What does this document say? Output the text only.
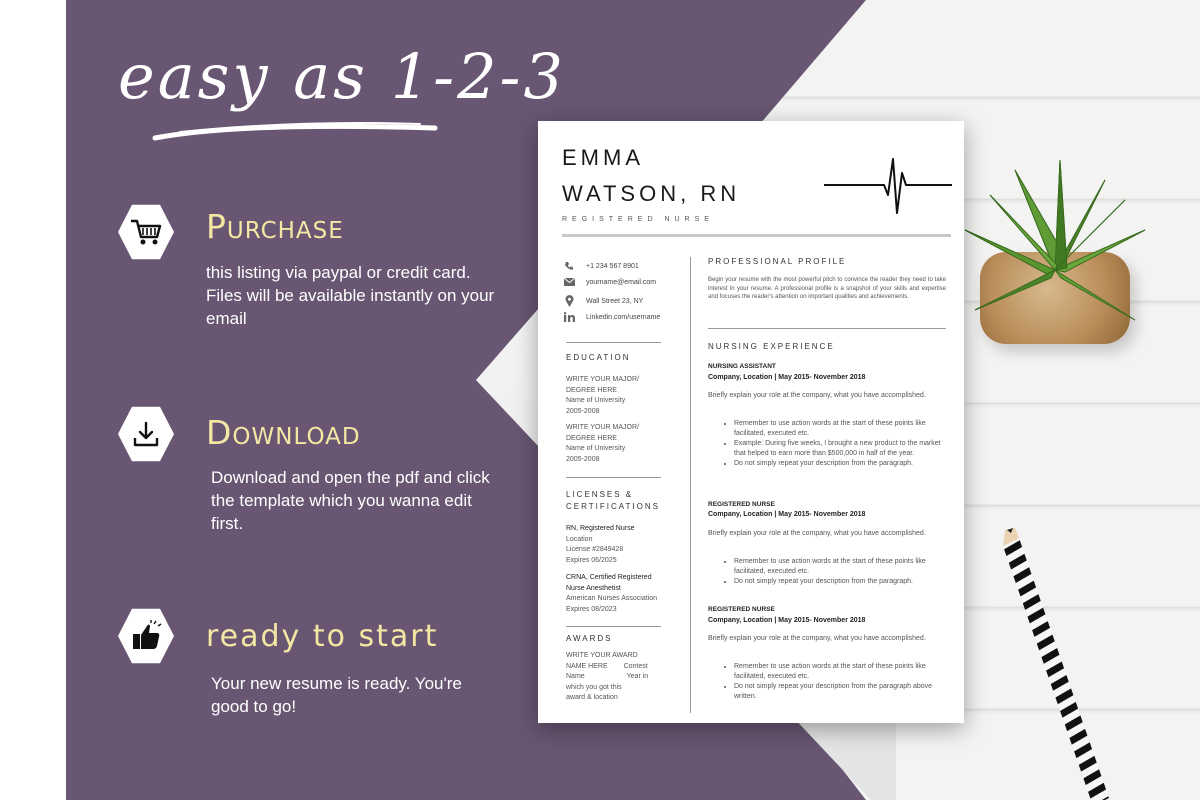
easy as 1-2-3
Purchase
this listing via paypal or credit card. Files will be available instantly on your email
Download
Download and open the pdf and click the template which you wanna edit first.
ready to start
Your new resume is ready. You're good to go!
EMMA
WATSON, RN
REGISTERED NURSE
+1 234 567 8901
yourname@email.com
Wall Street 23, NY
Linkedin.com/username
EDUCATION
WRITE YOUR MAJOR/
DEGREE HERE
Name of University
2005-2008
WRITE YOUR MAJOR/
DEGREE HERE
Name of University
2005-2008
LICENSES &
CERTIFICATIONS
RN, Registered Nurse
Location
License #2849428
Expires 06/2025
CRNA, Certified Registered
Nurse Anesthetist
American Nurses Association
Expires 08/2023
AWARDS
WRITE YOUR AWARD
NAME HERE Contest
Name	Year in
which you got this
award & location
PROFESSIONAL PROFILE
Begin your resume with the most powerful pitch to convince the reader they need to take interest in your resume. A professional profile is a snapshot of your skills and expertise and focuses the reader's attention on important qualities and achievements.
NURSING EXPERIENCE
NURSING ASSISTANT
Company, Location | May 2015- November 2018
Briefly explain your role at the company, what you have accomplished.
• Remember to use action words at the start of these points like facilitated, executed etc.
• Example: During five weeks, I brought a new product to the market that helped to earn more than $500,000 in half of the year.
• Do not simply repeat your description from the paragraph.
REGISTERED NURSE
Company, Location | May 2015- November 2018
Briefly explain your role at the company, what you have accomplished.
• Remember to use action words at the start of these points like facilitated, executed etc.
• Do not simply repeat your description from the paragraph.
REGISTERED NURSE
Company, Location | May 2015- November 2018
Briefly explain your role at the company, what you have accomplished.
• Remember to use action words at the start of these points like facilitated, executed etc.
• Do not simply repeat your description from the paragraph above written.
